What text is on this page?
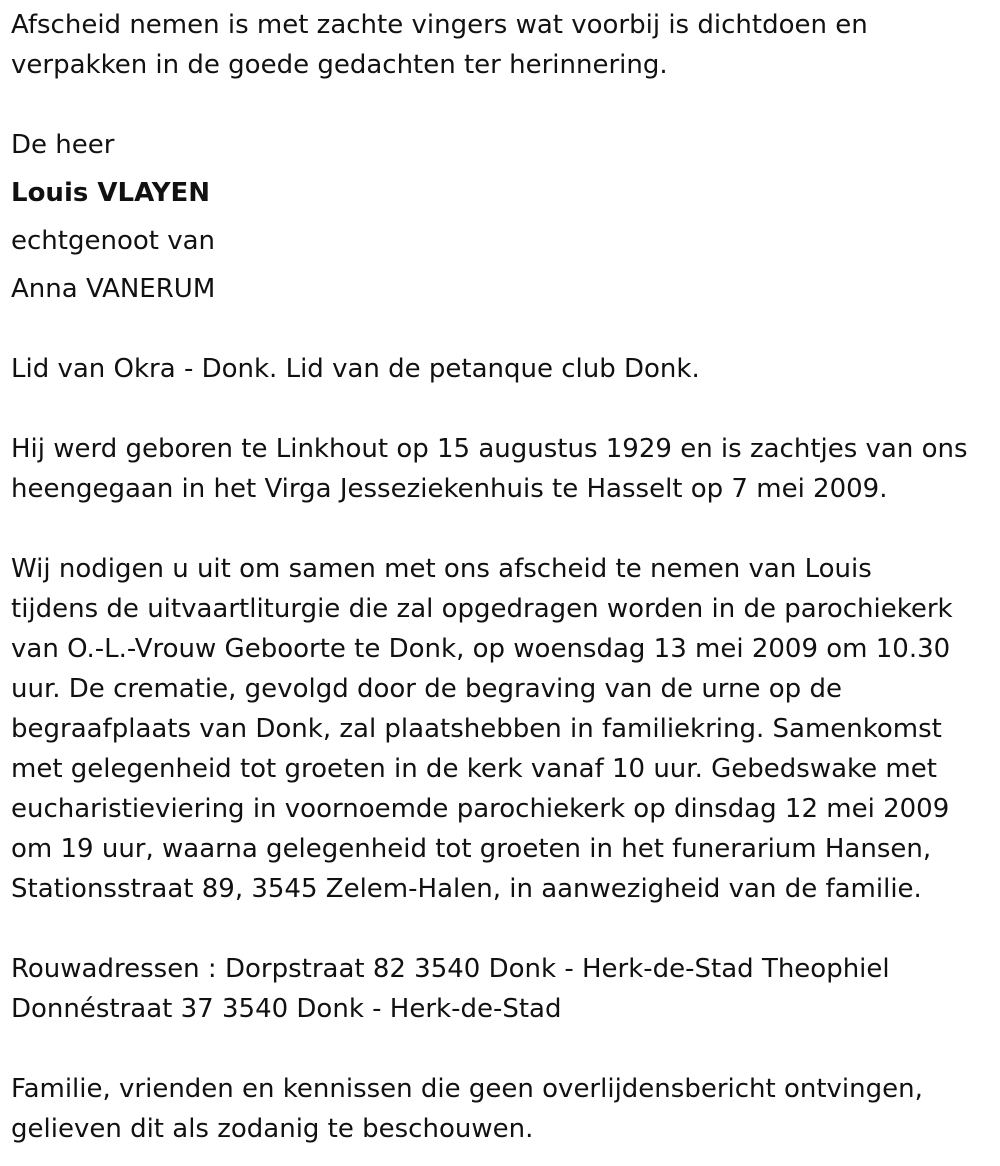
Afscheid nemen is met zachte vingers wat voorbij is dichtdoen en
verpakken in de goede gedachten ter herinnering.
De heer
Louis VLAYEN
echtgenoot van
Anna VANERUM
Lid van Okra - Donk. Lid van de petanque club Donk.
Hij werd geboren te Linkhout op 15 augustus 1929 en is zachtjes van ons
heengegaan in het Virga Jesseziekenhuis te Hasselt op 7 mei 2009.
Wij nodigen u uit om samen met ons afscheid te nemen van Louis
tijdens de uitvaartliturgie die zal opgedragen worden in de parochiekerk
van O.-L.-Vrouw Geboorte te Donk, op woensdag 13 mei 2009 om 10.30
uur. De crematie, gevolgd door de begraving van de urne op de
begraafplaats van Donk, zal plaatshebben in familiekring. Samenkomst
met gelegenheid tot groeten in de kerk vanaf 10 uur. Gebedswake met
eucharistieviering in voornoemde parochiekerk op dinsdag 12 mei 2009
om 19 uur, waarna gelegenheid tot groeten in het funerarium Hansen,
Stationsstraat 89, 3545 Zelem-Halen, in aanwezigheid van de familie.
Rouwadressen : Dorpstraat 82 3540 Donk - Herk-de-Stad Theophiel
Donnéstraat 37 3540 Donk - Herk-de-Stad
Familie, vrienden en kennissen die geen overlijdensbericht ontvingen,
gelieven dit als zodanig te beschouwen.
